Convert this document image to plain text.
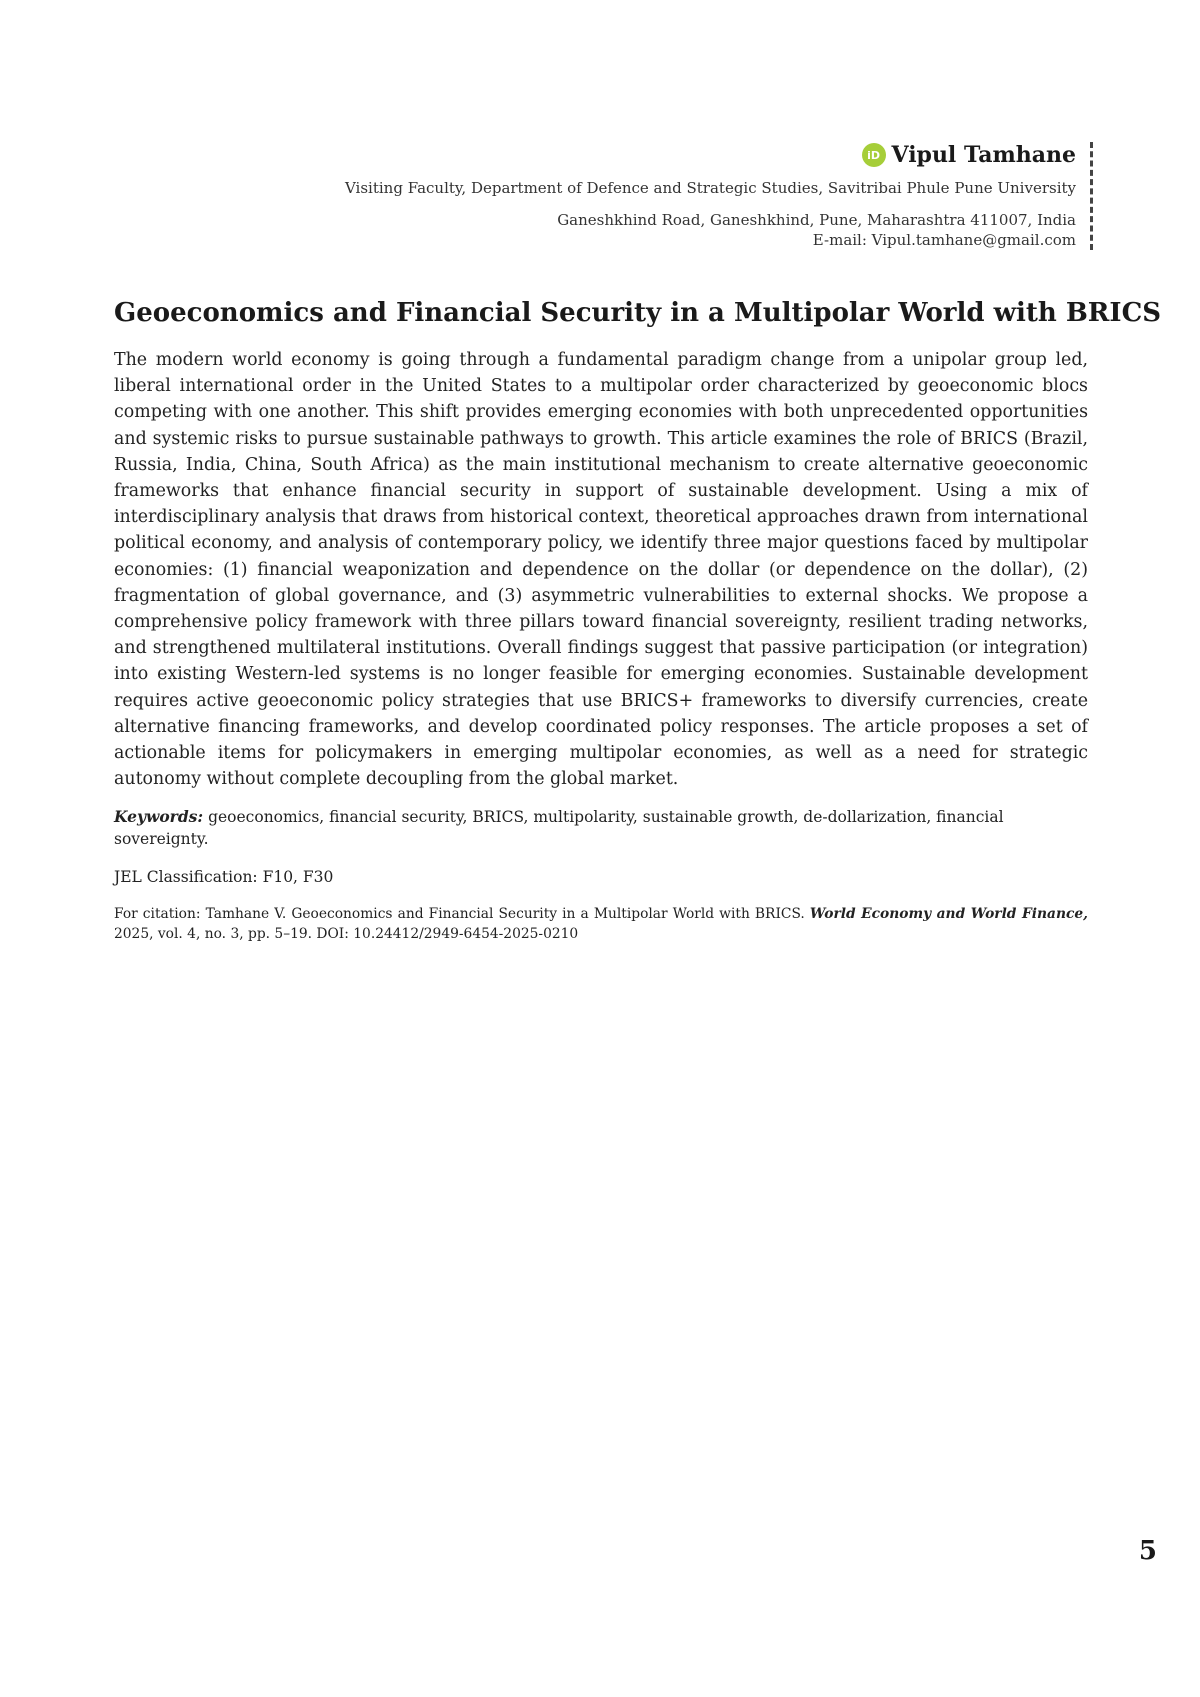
iD Vipul Tamhane
Visiting Faculty, Department of Defence and Strategic Studies, Savitribai Phule Pune University
Ganeshkhind Road, Ganeshkhind, Pune, Maharashtra 411007, India
E-mail: Vipul.tamhane@gmail.com
Geoeconomics and Financial Security in a Multipolar World with BRICS

The modern world economy is going through a fundamental paradigm change from a unipolar group led, liberal international order in the United States to a multipolar order characterized by geoeconomic blocs competing with one another. This shift provides emerging economies with both unprecedented opportunities and systemic risks to pursue sustainable pathways to growth. This article examines the role of BRICS (Brazil, Russia, India, China, South Africa) as the main institutional mechanism to create alternative geoeconomic frameworks that enhance financial security in support of sustainable development. Using a mix of interdisciplinary analysis that draws from historical context, theoretical approaches drawn from international political economy, and analysis of contemporary policy, we identify three major questions faced by multipolar economies: (1) financial weaponization and dependence on the dollar (or dependence on the dollar), (2) fragmentation of global governance, and (3) asymmetric vulnerabilities to external shocks. We propose a comprehensive policy framework with three pillars toward financial sovereignty, resilient trading networks, and strengthened multilateral institutions. Overall findings suggest that passive participation (or integration) into existing Western-led systems is no longer feasible for emerging economies. Sustainable development requires active geoeconomic policy strategies that use BRICS+ frameworks to diversify currencies, create alternative financing frameworks, and develop coordinated policy responses. The article proposes a set of actionable items for policymakers in emerging multipolar economies, as well as a need for strategic autonomy without complete decoupling from the global market.

Keywords: geoeconomics, financial security, BRICS, multipolarity, sustainable growth, de-dollarization, financial sovereignty.

JEL Classification: F10, F30

For citation: Tamhane V. Geoeconomics and Financial Security in a Multipolar World with BRICS. World Economy and World Finance, 2025, vol. 4, no. 3, pp. 5–19. DOI: 10.24412/2949-6454-2025-0210

5
